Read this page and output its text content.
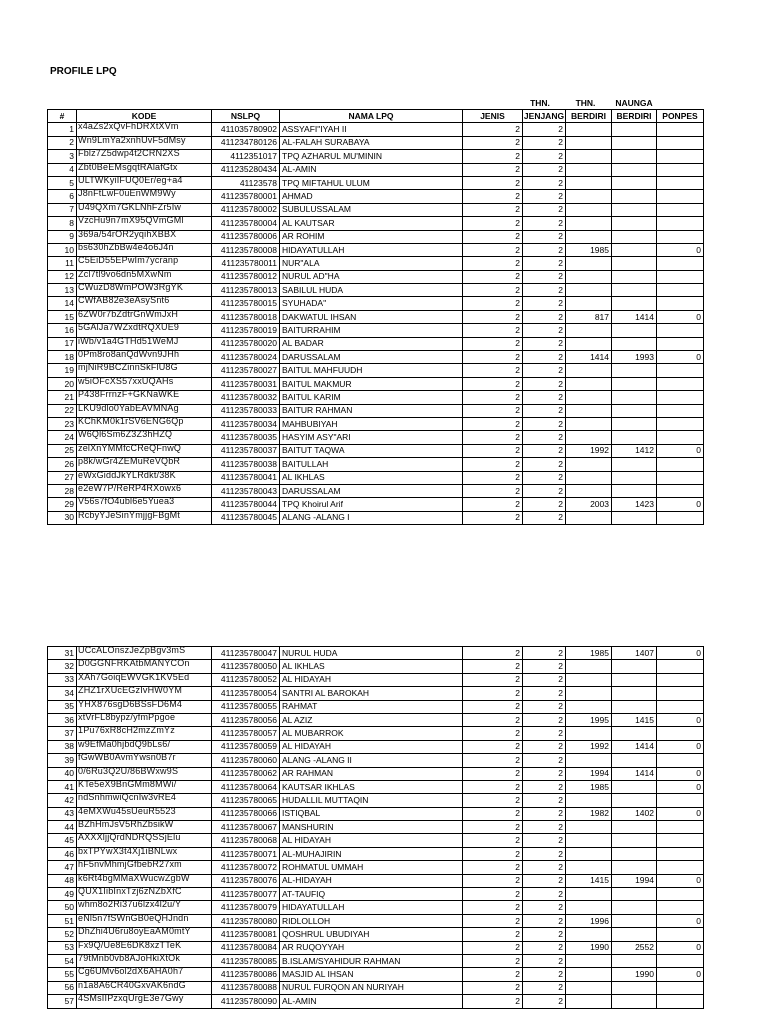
PROFILE LPQ
THN.	THN.	NAUNGA
#	KODE	NSLPQ	NAMA LPQ	JENIS	JENJANG	BERDIRI	BERDIRI	PONPES
1	x4aZs2xQvFhDRXtXVm	411035780902	ASSYAFI"IYAH II	2	2			
2	Wn9LmYa2xnhUvF5dMsy	411234780126	AL-FALAH SURABAYA	2	2			
3	Fblz7Z5dwp4t2CRN2XS	4112351017	TPQ AZHARUL MU'MININ	2	2			
4	Zbt0BeEMsgqtRAlafGtx	411235280434	AL-AMIN	2	2			
5	ULTWKyiIFUQ0Er/eg+a4	41123578	TPQ MIFTAHUL ULUM	2	2			
6	J8nFtLwF0uEnWM9Wy	411235780001	AHMAD	2	2			
7	U49QXm7GKLNhFZr5Iw	411235780002	SUBULUSSALAM	2	2			
8	VzcHu9n7mX95QVmGMl	411235780004	AL KAUTSAR	2	2			
9	369a/54rOR2yqihXBBX	411235780006	AR ROHIM	2	2			
10	bs630hZbBw4e4o6J4n	411235780008	HIDAYATULLAH	2	2	1985		0
11	C5EiD55EPwIm7ycranp	411235780011	NUR"ALA	2	2			
12	Zcl7tl9vo6dn5MXwNm	411235780012	NURUL AD"HA	2	2			
13	CWuzD8WmPOW3RgYK	411235780013	SABILUL HUDA	2	2			
14	CWfAB82e3eAsySnt6	411235780015	SYUHADA''	2	2			
15	6ZW0r7bZdtrGnWmJxH	411235780018	DAKWATUL IHSAN	2	2	817	1414	0
16	5GAlJa7WZxdtRQXUE9	411235780019	BAITURRAHIM	2	2			
17	iWb/v1a4GTHd51WeMJ	411235780020	AL BADAR	2	2			
18	0Pm8ro8anQdWvn9JHh	411235780024	DARUSSALAM	2	2	1414	1993	0
19	mjNiR9BCZinnSkFlU8G	411235780027	BAITUL MAHFUUDH	2	2			
20	w5iOFcXS57xxUQAHs	411235780031	BAITUL MAKMUR	2	2			
21	P438FrrnzF+GKNaWKE	411235780032	BAITUL KARIM	2	2			
22	LKU9dlo0YabEAVMNAg	411235780033	BAITUR RAHMAN	2	2			
23	KChKM0k1rSV6ENG6Qp	411235780034	MAHBUBIYAH	2	2			
24	W6Ql6Sm6Z3Z3hHZQ	411235780035	HASYIM ASY"ARI	2	2			
25	zelXnYMMfcCReQFnwQ	411235780037	BAITUT TAQWA	2	2	1992	1412	0
26	p8k/wGr4ZEMuReVQbR	411235780038	BAITULLAH	2	2			
27	eWxGiddJkYLRdkt/38K	411235780041	AL IKHLAS	2	2			
28	e2eW7P/ReRP4RXowx6	411235780043	DARUSSALAM	2	2			
29	V56s7fO4ubl6e5Yuea3	411235780044	TPQ Khoirul Arif	2	2	2003	1423	0
30	RcbyYJeSinYmjjgFBgMt	411235780045	ALANG -ALANG I	2	2			
31	UCcALOnszJeZpBgv3mS	411235780047	NURUL HUDA	2	2	1985	1407	0
32	D0GGNFRKAtbMANYCOn	411235780050	AL IKHLAS	2	2			
33	XAh7GoiqEWVGK1KV5Ed	411235780052	AL HIDAYAH	2	2			
34	ZHZ1rXUcEGzIvHW0YM	411235780054	SANTRI AL BAROKAH	2	2			
35	YHX876sgD6BSsFD6M4	411235780055	RAHMAT	2	2			
36	xtVrFL8bypz/yfmPpgoe	411235780056	AL AZIZ	2	2	1995	1415	0
37	1Pu76xR8cH2mzZmYz	411235780057	AL MUBARROK	2	2			
38	w9EfMa0hjbdQ9bLs6/	411235780059	AL HIDAYAH	2	2	1992	1414	0
39	fGwWB0AvmYwsn0B7r	411235780060	ALANG -ALANG II	2	2			
40	0/6Ru3Q2U/86BWxw9S	411235780062	AR RAHMAN	2	2	1994	1414	0
41	KTe5eX9BnGMm8MWi/	411235780064	KAUTSAR IKHLAS	2	2	1985		0
42	ndSnhmwiQcnIw3vRE4	411235780065	HUDALLIL MUTTAQIN	2	2			
43	4eMXWu45sUeuR5523	411235780066	ISTIQBAL	2	2	1982	1402	0
44	BZhHmJsV5RhZbsikW	411235780067	MANSHURIN	2	2			
45	AXXXljjQrdNDRQSSjElu	411235780068	AL HIDAYAH	2	2			
46	bxTPYwX3t4Xj1iBNLwx	411235780071	AL-MUHAJIRIN	2	2			
47	hF5nvMhmjGfbebR27xm	411235780072	ROHMATUL UMMAH	2	2			
48	k6Rt4bgMMaXWucwZgbW	411235780076	AL-HIDAYAH	2	2	1415	1994	0
49	QUX1IibInxTzj6zNZbXfC	411235780077	AT-TAUFIQ	2	2			
50	whm8o2Ri37u6lzx4l2u/Y	411235780079	HIDAYATULLAH	2	2			
51	eNl5n7fSWnGB0eQHJndn	411235780080	RIDLOLLOH	2	2	1996		0
52	DhZhi4U6ru8oyEaAM0mtY	411235780081	QOSHRUL UBUDIYAH	2	2			
53	Fx9Q/Ue8E6DK8xzTTeK	411235780084	AR RUQOYYAH	2	2	1990	2552	0
54	79tMnb0vb8AJoHkiXtOk	411235780085	B.ISLAM/SYAHIDUR RAHMAN	2	2			
55	Cg6UMv6ol2dX6AHA0h7	411235780086	MASJID AL IHSAN	2	2		1990	0
56	n1a8A6CR40GxvAK6ndG	411235780088	NURUL FURQON AN NURIYAH	2	2			
57	4SMsIIPzxqUrgE3e7Gwy	411235780090	AL-AMIN	2	2			
